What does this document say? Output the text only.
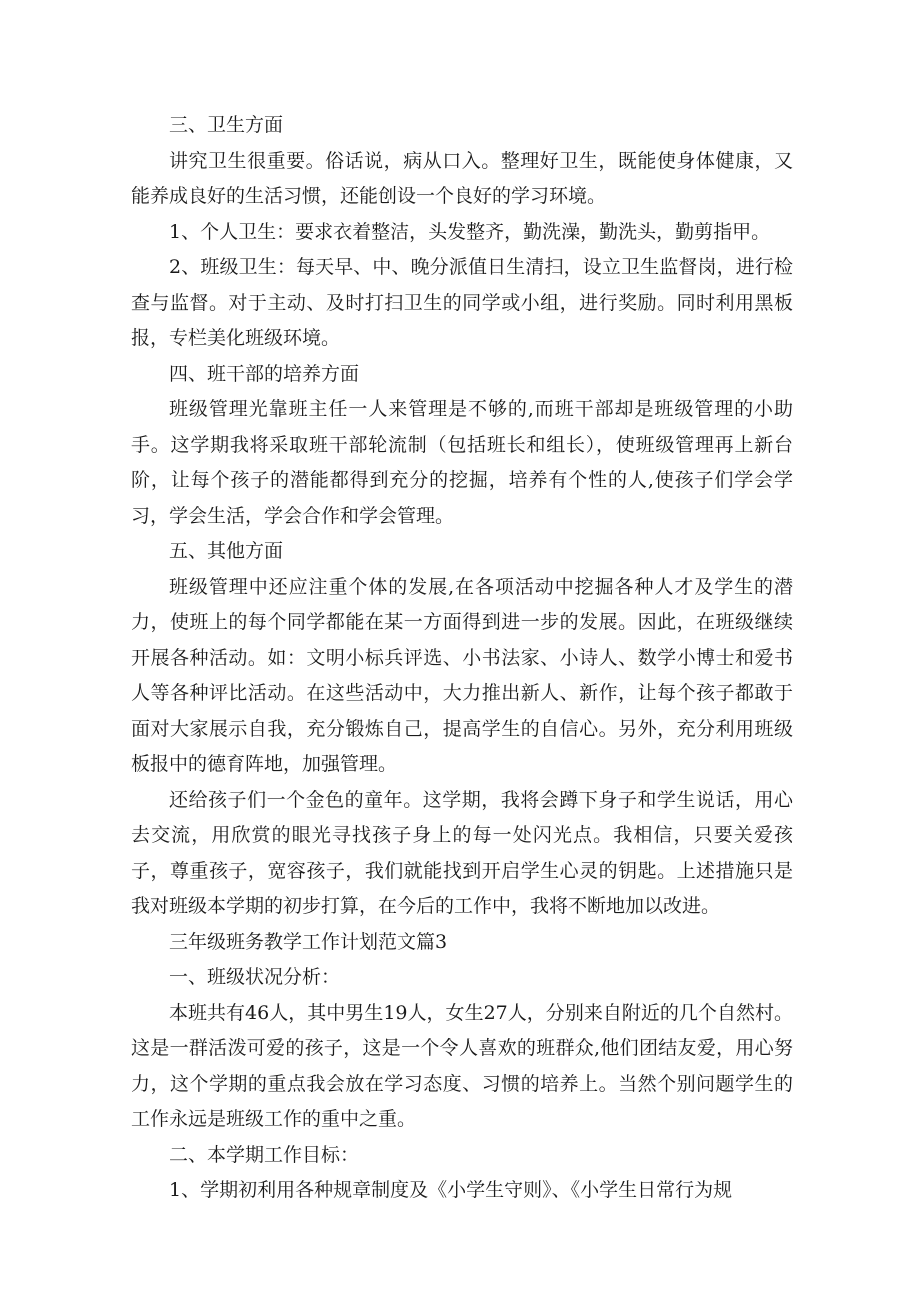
三、卫生方面

讲究卫生很重要。俗话说，病从口入。整理好卫生，既能使身体健康，又能养成良好的生活习惯，还能创设一个良好的学习环境。

1、个人卫生：要求衣着整洁，头发整齐，勤洗澡，勤洗头，勤剪指甲。

2、班级卫生：每天早、中、晚分派值日生清扫，设立卫生监督岗，进行检查与监督。对于主动、及时打扫卫生的同学或小组，进行奖励。同时利用黑板报，专栏美化班级环境。

四、班干部的培养方面

班级管理光靠班主任一人来管理是不够的,而班干部却是班级管理的小助手。这学期我将采取班干部轮流制（包括班长和组长），使班级管理再上新台阶，让每个孩子的潜能都得到充分的挖掘，培养有个性的人,使孩子们学会学习，学会生活，学会合作和学会管理。

五、其他方面

班级管理中还应注重个体的发展,在各项活动中挖掘各种人才及学生的潜力，使班上的每个同学都能在某一方面得到进一步的发展。因此，在班级继续开展各种活动。如：文明小标兵评选、小书法家、小诗人、数学小博士和爱书人等各种评比活动。在这些活动中，大力推出新人、新作，让每个孩子都敢于面对大家展示自我，充分锻炼自己，提高学生的自信心。另外，充分利用班级板报中的德育阵地，加强管理。

还给孩子们一个金色的童年。这学期，我将会蹲下身子和学生说话，用心去交流，用欣赏的眼光寻找孩子身上的每一处闪光点。我相信，只要关爱孩子，尊重孩子，宽容孩子，我们就能找到开启学生心灵的钥匙。上述措施只是我对班级本学期的初步打算，在今后的工作中，我将不断地加以改进。

三年级班务教学工作计划范文篇3

一、班级状况分析：

本班共有46人，其中男生19人，女生27人，分别来自附近的几个自然村。这是一群活泼可爱的孩子，这是一个令人喜欢的班群众,他们团结友爱，用心努力，这个学期的重点我会放在学习态度、习惯的培养上。当然个别问题学生的工作永远是班级工作的重中之重。

二、本学期工作目标：

1、学期初利用各种规章制度及《小学生守则》、《小学生日常行为规
